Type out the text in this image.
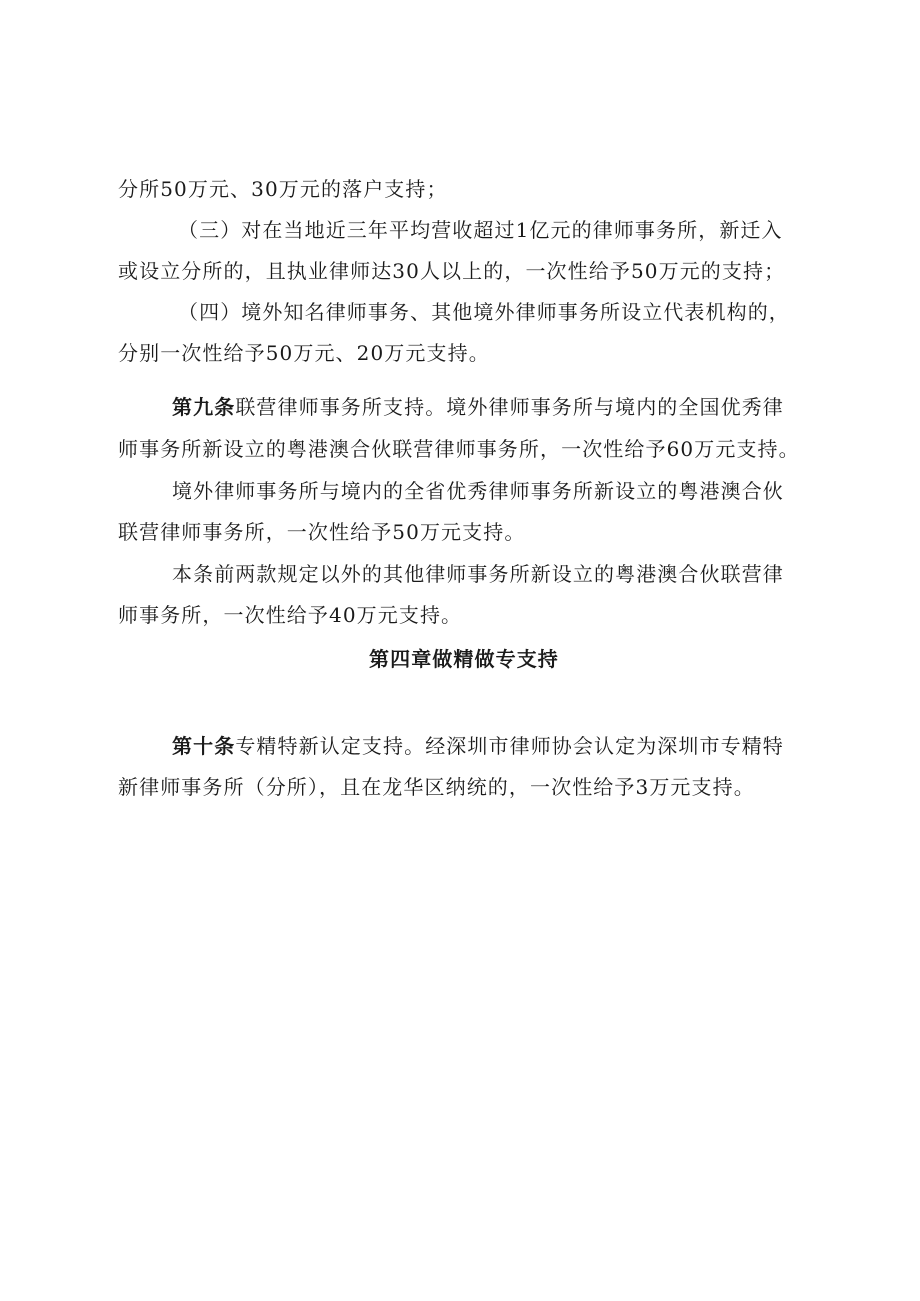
分所50万元、30万元的落户支持；
（三）对在当地近三年平均营收超过1亿元的律师事务所，新迁入
或设立分所的，且执业律师达30人以上的，一次性给予50万元的支持；
（四）境外知名律师事务、其他境外律师事务所设立代表机构的，
分别一次性给予50万元、20万元支持。
第九条联营律师事务所支持。境外律师事务所与境内的全国优秀律
师事务所新设立的粤港澳合伙联营律师事务所，一次性给予60万元支持。
境外律师事务所与境内的全省优秀律师事务所新设立的粤港澳合伙
联营律师事务所，一次性给予50万元支持。
本条前两款规定以外的其他律师事务所新设立的粤港澳合伙联营律
师事务所，一次性给予40万元支持。
第四章做精做专支持
第十条专精特新认定支持。经深圳市律师协会认定为深圳市专精特
新律师事务所（分所），且在龙华区纳统的，一次性给予3万元支持。
